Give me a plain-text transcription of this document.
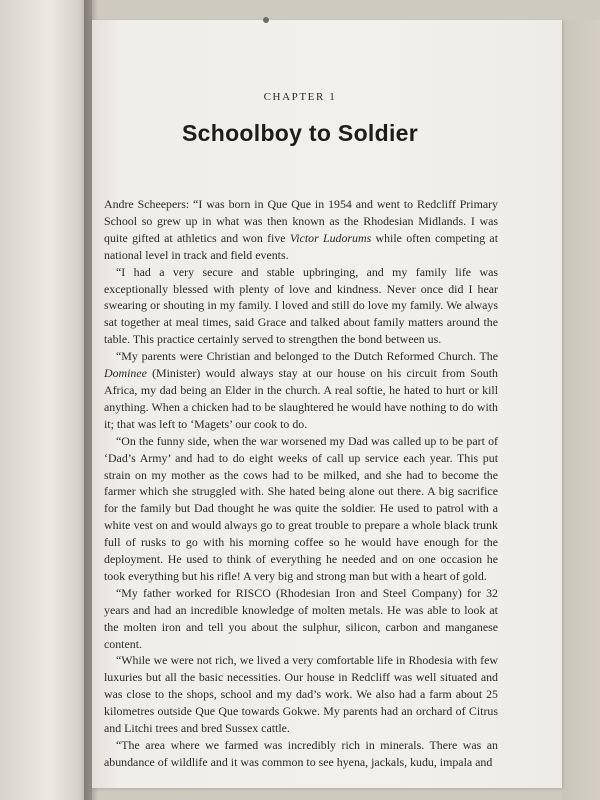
CHAPTER 1
Schoolboy to Soldier

Andre Scheepers: “I was born in Que Que in 1954 and went to Redcliff Primary School so grew up in what was then known as the Rhodesian Midlands. I was quite gifted at athletics and won five Victor Ludorums while often competing at national level in track and field events.

“I had a very secure and stable upbringing, and my family life was exceptionally blessed with plenty of love and kindness. Never once did I hear swearing or shouting in my family. I loved and still do love my family. We always sat together at meal times, said Grace and talked about family matters around the table. This practice certainly served to strengthen the bond between us.

“My parents were Christian and belonged to the Dutch Reformed Church. The Dominee (Minister) would always stay at our house on his circuit from South Africa, my dad being an Elder in the church. A real softie, he hated to hurt or kill anything. When a chicken had to be slaughtered he would have nothing to do with it; that was left to ‘Magets’ our cook to do.

“On the funny side, when the war worsened my Dad was called up to be part of ‘Dad’s Army’ and had to do eight weeks of call up service each year. This put strain on my mother as the cows had to be milked, and she had to become the farmer which she struggled with. She hated being alone out there. A big sacrifice for the family but Dad thought he was quite the soldier. He used to patrol with a white vest on and would always go to great trouble to prepare a whole black trunk full of rusks to go with his morning coffee so he would have enough for the deployment. He used to think of everything he needed and on one occasion he took everything but his rifle! A very big and strong man but with a heart of gold.

“My father worked for RISCO (Rhodesian Iron and Steel Company) for 32 years and had an incredible knowledge of molten metals. He was able to look at the molten iron and tell you about the sulphur, silicon, carbon and manganese content.

“While we were not rich, we lived a very comfortable life in Rhodesia with few luxuries but all the basic necessities. Our house in Redcliff was well situated and was close to the shops, school and my dad’s work. We also had a farm about 25 kilometres outside Que Que towards Gokwe. My parents had an orchard of Citrus and Litchi trees and bred Sussex cattle.

“The area where we farmed was incredibly rich in minerals. There was an abundance of wildlife and it was common to see hyena, jackals, kudu, impala and
